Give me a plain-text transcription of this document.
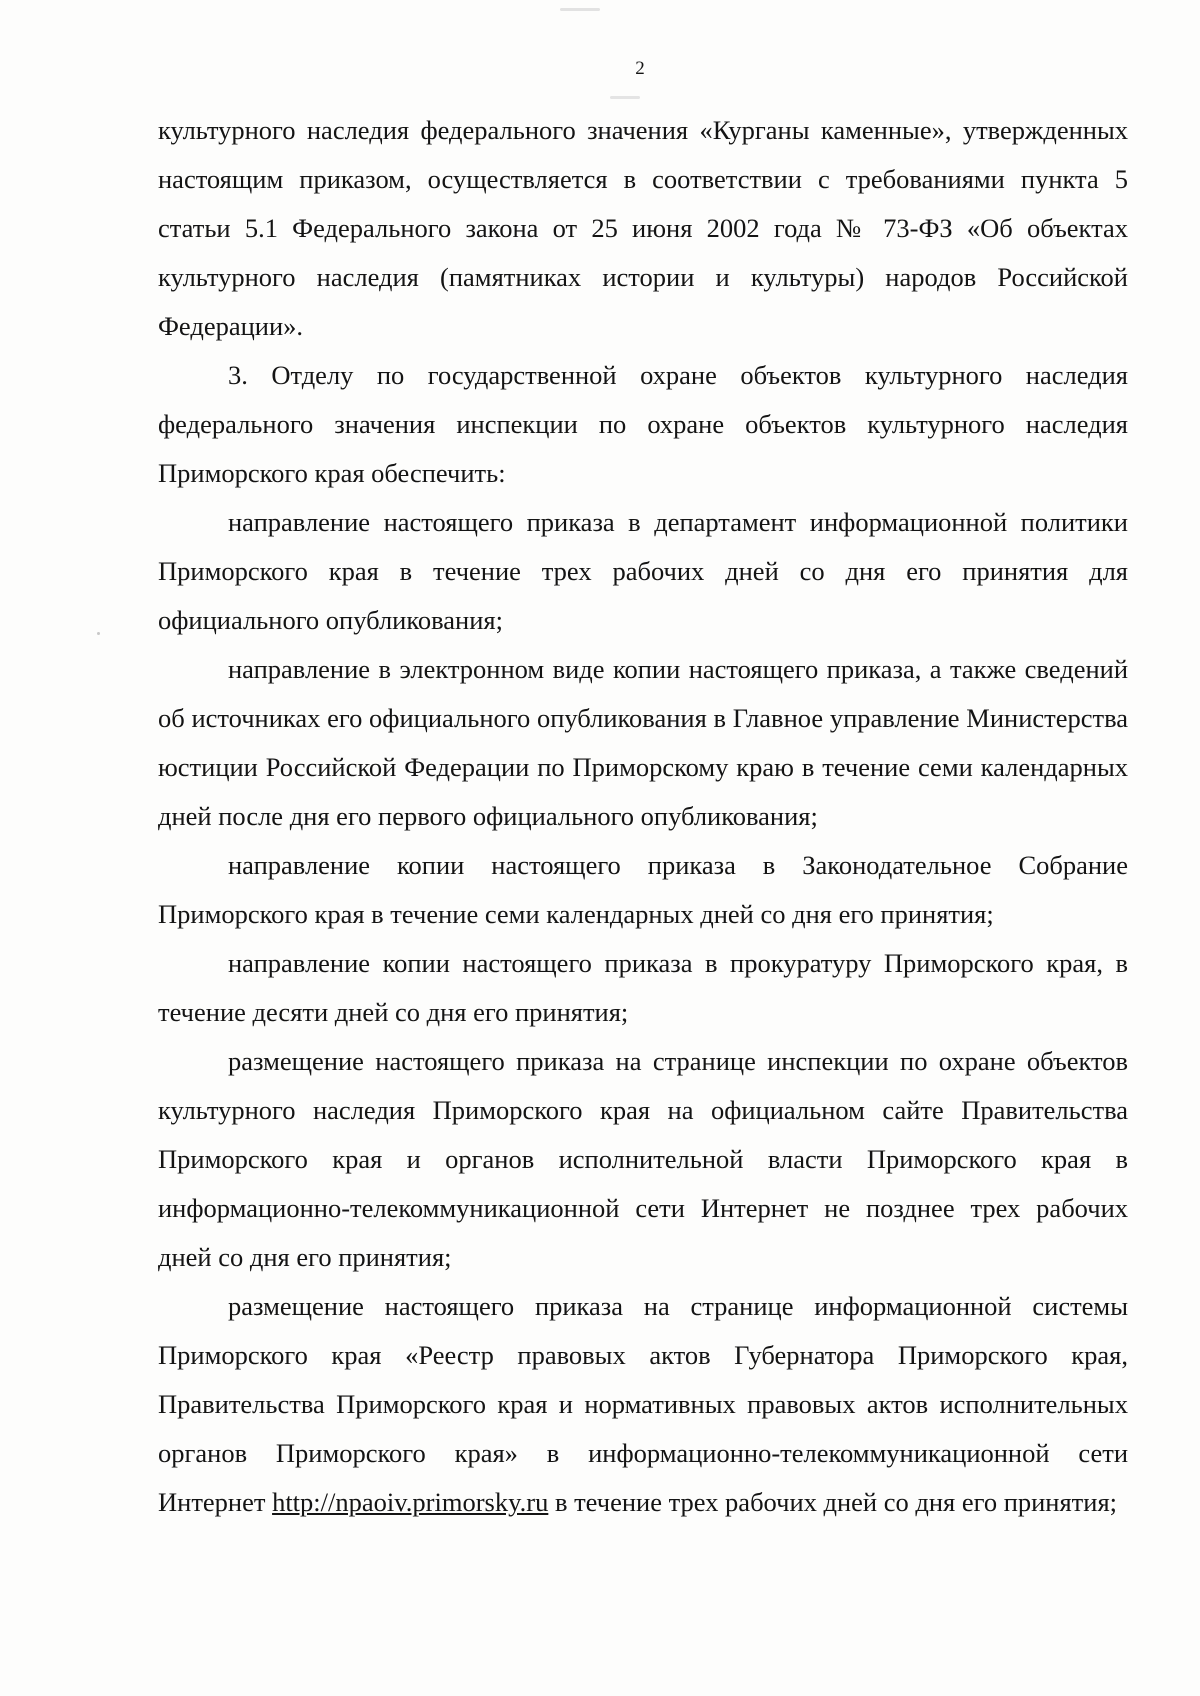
2

культурного наследия федерального значения «Курганы каменные», утвержденных настоящим приказом, осуществляется в соответствии с требованиями пункта 5 статьи 5.1 Федерального закона от 25 июня 2002 года № 73-ФЗ «Об объектах культурного наследия (памятниках истории и культуры) народов Российской Федерации».

3. Отделу по государственной охране объектов культурного наследия федерального значения инспекции по охране объектов культурного наследия Приморского края обеспечить:

направление настоящего приказа в департамент информационной политики Приморского края в течение трех рабочих дней со дня его принятия для официального опубликования;

направление в электронном виде копии настоящего приказа, а также сведений об источниках его официального опубликования в Главное управление Министерства юстиции Российской Федерации по Приморскому краю в течение семи календарных дней после дня его первого официального опубликования;

направление копии настоящего приказа в Законодательное Собрание Приморского края в течение семи календарных дней со дня его принятия;

направление копии настоящего приказа в прокуратуру Приморского края, в течение десяти дней со дня его принятия;

размещение настоящего приказа на странице инспекции по охране объектов культурного наследия Приморского края на официальном сайте Правительства Приморского края и органов исполнительной власти Приморского края в информационно-телекоммуникационной сети Интернет не позднее трех рабочих дней со дня его принятия;

размещение настоящего приказа на странице информационной системы Приморского края «Реестр правовых актов Губернатора Приморского края, Правительства Приморского края и нормативных правовых актов исполнительных органов Приморского края» в информационно-телекоммуникационной сети Интернет http://npaoiv.primorsky.ru в течение трех рабочих дней со дня его принятия;
